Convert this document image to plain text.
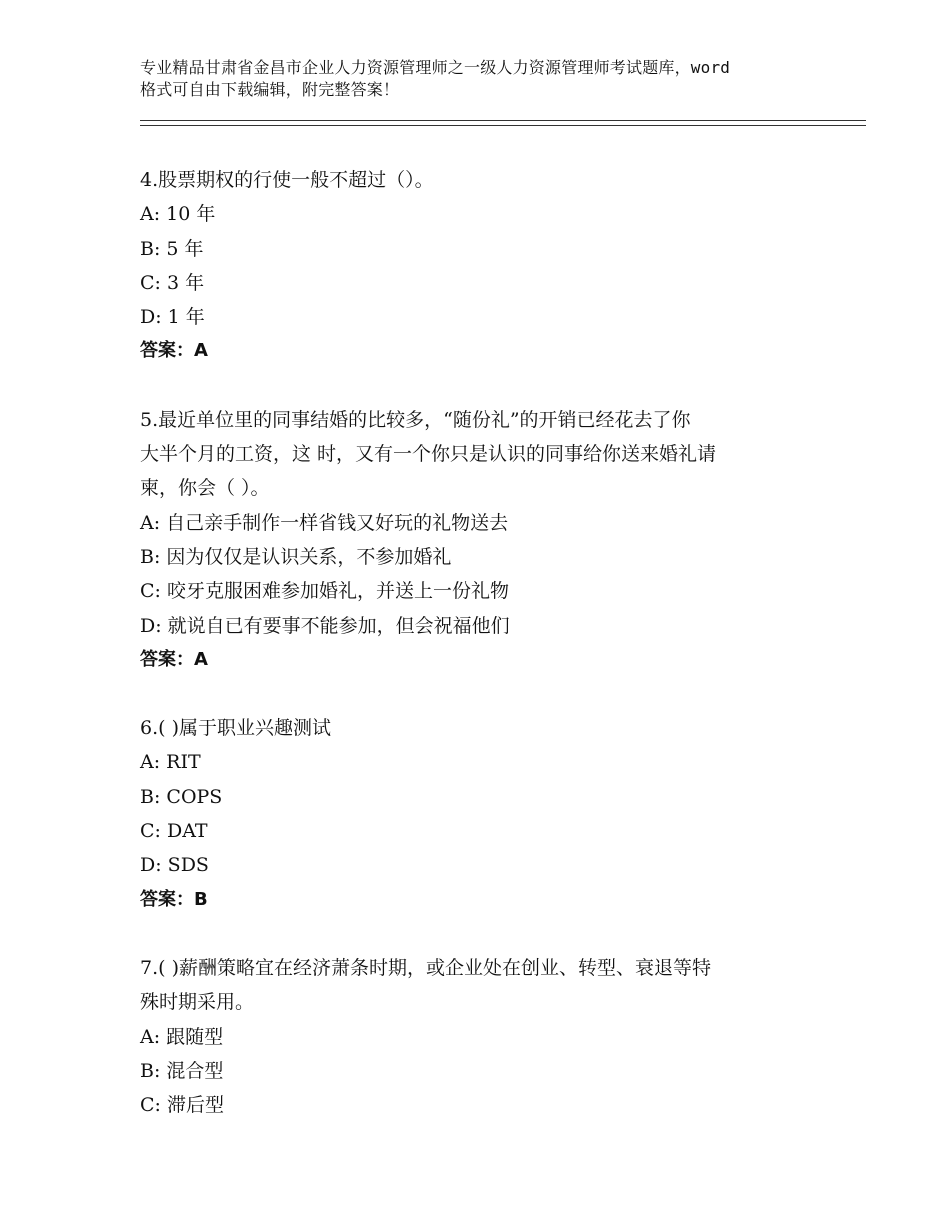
专业精品甘肃省金昌市企业人力资源管理师之一级人力资源管理师考试题库，word
格式可自由下载编辑，附完整答案！
4.股票期权的行使一般不超过（）。
A: 10 年
B: 5 年
C: 3 年
D: 1 年
答案：A
5.最近单位里的同事结婚的比较多，“随份礼”的开销已经花去了你
大半个月的工资，这 时，又有一个你只是认识的同事给你送来婚礼请
柬，你会（ ）。
A: 自己亲手制作一样省钱又好玩的礼物送去
B: 因为仅仅是认识关系，不参加婚礼
C: 咬牙克服困难参加婚礼，并送上一份礼物
D: 就说自已有要事不能参加，但会祝福他们
答案：A
6.( )属于职业兴趣测试
A: RIT
B: COPS
C: DAT
D: SDS
答案：B
7.( )薪酬策略宜在经济萧条时期，或企业处在创业、转型、衰退等特
殊时期采用。
A: 跟随型
B: 混合型
C: 滞后型
